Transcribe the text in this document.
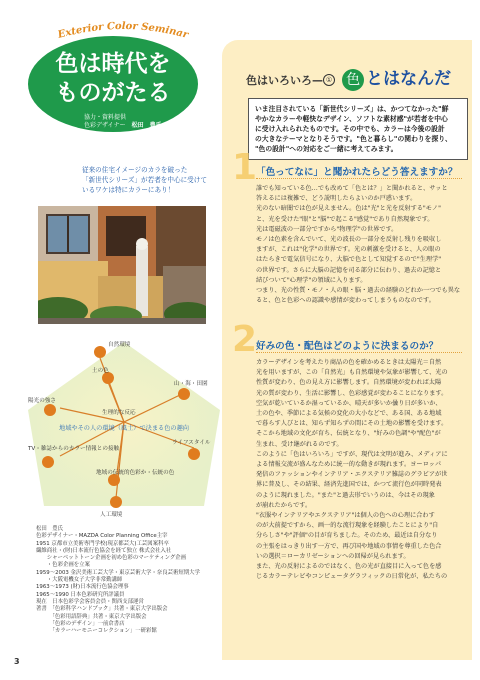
Exterior Color Seminar
色は時代を
ものがたる
協力・資料提供
色彩デザイナー　 松田　豊氏
従来の住宅イメージのカラを破った
「新世代シリーズ」が若者を中心に受けて
いるワケは特にカラーにあり！
自然環境
土の色
山・海・田園
陽光の強さ
生理的な反応
ライフスタイル
TV・雑誌からのカラー情報との接触
地域の伝統的色彩か・伝統の色
人工環境
地域やその人の環境（風土）で決まる色の趣向
松田　豊氏
色彩デザイナー・MAZDA Color Planning Office主宰
1951 京都市立美術専門学校(現京都芸大)工芸図案科卒
繊維商社・(財)日本流行色協会を経て独立 株式会社入社
　　シャーベットトーン企画を初め色彩のマーケティング企画
　　・色彩企画を立案
1959〜2003 金沢美術工芸大学・東京芸術大学・奈良芸術短期大学
　　・大阪電機女子大学非常勤講師
1963〜1973 (財)日本流行色協会理事
1965〜1990 日本色彩研究所評議員
現在　日本色彩学会客員会員・関西支部運営
著書　「色彩科学ハンドブック」共著・東京大学出版会
　　　「色彩用語辞典」共著・東京大学出版会
　　　「色彩のデザイン」一前倉書店
　　　「カラーハーモニーコレクション」一研彩館
3
色はいろいろ— ① 色 とはなんだ
いま注目されている「新世代シリーズ」は、かつてなかった"鮮
やかなカラーや軽快なデザイン、ソフトな素材感"が若者を中心
に受け入れられたものです。その中でも、カラーは今後の設計
の大きなテーマとなりそうです。"色と暮らし"の関わりを探り、
"色の設計"への対応をご一緒に考えてみます。
1
「色ってなに」と聞かれたらどう答えますか？
誰でも知っている色…でも改めて「色とは？」と聞かれると、サッと
答えるには複雑で、どう説明したらよいのか戸惑います。
光のない暗闇では色が見えません。色は"光"と光を反射する"モノ"
と、光を受けた"眼"と"脳"で起こる"感覚"であり自然現象です。
光は電磁波の一部分ですから"物理学"の世界です。
モノは色素を含んでいて、光の波長の一部分を反射し残りを吸収し
ますが、これは"化学"の世界です。光の刺激を受けると、人の眼の
はたらきで電気信号になり、大脳で色として知覚するので"生理学"
の世界です。さらに大脳の記憶を司る部分に伝わり、過去の記憶と
結びついて"心理学"の領域に入ります。
つまり、光の性質・モノ・人の眼・脳・過去の経験のどれか一つでも異な
ると、色と色彩への認識や感情が変わってしまうものなのです。
2
好みの色・配色はどのように決まるのか？
カラーデザインを考えたり商品の色を確かめるときは太陽光＝自然
光を用いますが、この「自然光」も自然環境や気象が影響して、光の
性質が変わり、色の見え方に影響します。自然環境が変われば太陽
光の質が変わり、生活に影響し、色彩感覚が変わることになります。
空気が乾いているか湿っているか、晴天が多いか曇り日が多いか、
土の色や、季節による気候の変化の大小などで、ある国、ある地域
で暮らす人びとは、知らず知らずの間にその土地の影響を受けます。
そこから地域の文化が育ち、伝統となり、"好みの色調"や"配色"が
生まれ、受け継がれるのです。
このように「色はいろいろ」ですが、現代は文明が進み、メディアに
よる情報交流が盛んなために統一的な動きが現れます。ヨーロッパ
発信のファッションやインテリア・エクステリア雑誌のグラビアが世
界に普及し、その結果、経済先進国では、かつて流行色が同時発表
のように現れました。"また"と過去形でいうのは、今はその現象
が崩れたからです。
"衣服やインテリアやエクステリア"は個人の色への心理に合わす
のが大前提ですから、画一的な流行現象を経験したことにより"自
分らしさ"や"評価"の目が育ちました。そのため、最近は自分なり
の主張をはっきり出す一方で、再び国や地域の事情を尊重した色合
いの選択＝ローカリゼーションへの回帰が見られます。
また、光の反射によるのではなく、色の光が直接目に入って色を感
じるカラーテレビやコンピュータグラフィックの日常化が、私たちの
